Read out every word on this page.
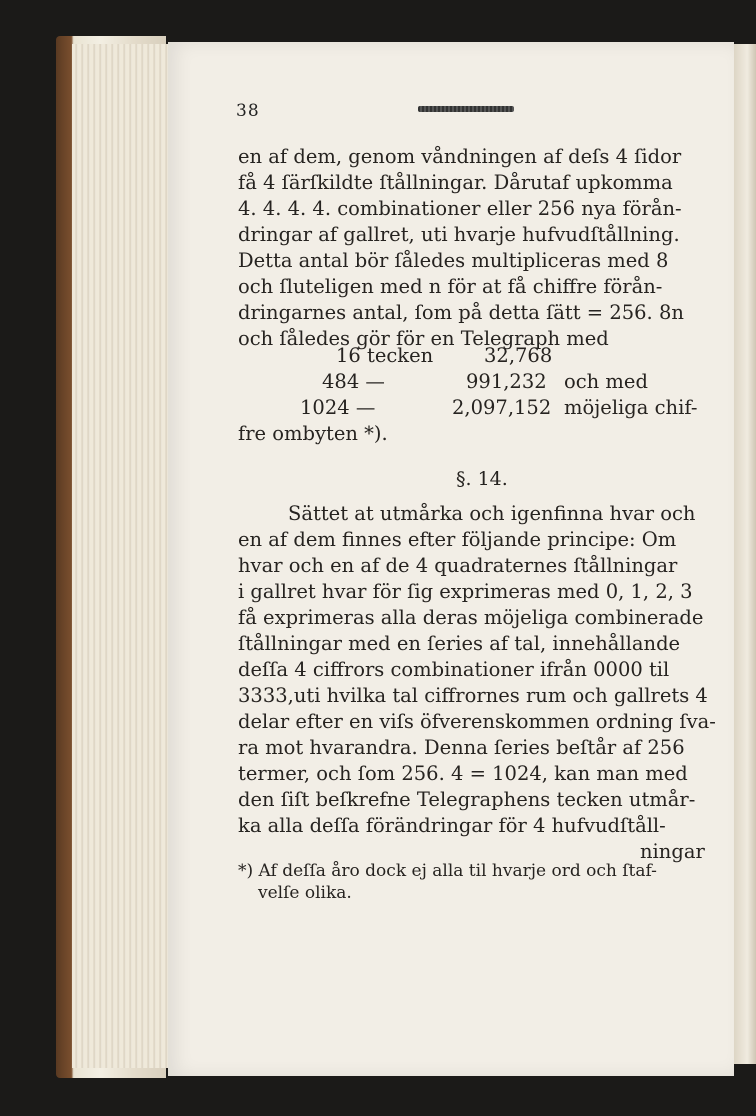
38
en af dem, genom våndningen af deſs 4 ſidor
få 4 ſärſkildte ſtållningar. Dårutaf upkomma
4. 4. 4. 4. combinationer eller 256 nya förån-
dringar af gallret, uti hvarje hufvudſtållning.
Detta antal bör ſåledes multipliceras med 8
och ſluteligen med n för at få chiffre förån-
dringarnes antal, ſom på detta ſätt = 256. 8n
och ſåledes gör för en Telegraph med
16 tecken	32,768
484 —	991,232 och med
1024 —	2,097,152 möjeliga chif-
fre ombyten *).
§. 14.
Sättet at utmårka och igenfinna hvar och
en af dem finnes efter följande principe: Om
hvar och en af de 4 quadraternes ſtållningar
i gallret hvar för ſig exprimeras med 0, 1, 2, 3
få exprimeras alla deras möjeliga combinerade
ſtållningar med en ſeries af tal, innehållande
deſſa 4 ciffrors combinationer ifrån 0000 til
3333,uti hvilka tal ciffrornes rum och gallrets 4
delar efter en viſs öfverenskommen ordning ſva-
ra mot hvarandra. Denna ſeries beſtår af 256
termer, och ſom 256. 4 = 1024, kan man med
den ſiſt beſkrefne Telegraphens tecken utmår-
ka alla deſſa förändringar för 4 hufvudſtåll-
ningar
*) Af deſſa åro dock ej alla til hvarje ord och ſtaf-
velſe olika.
